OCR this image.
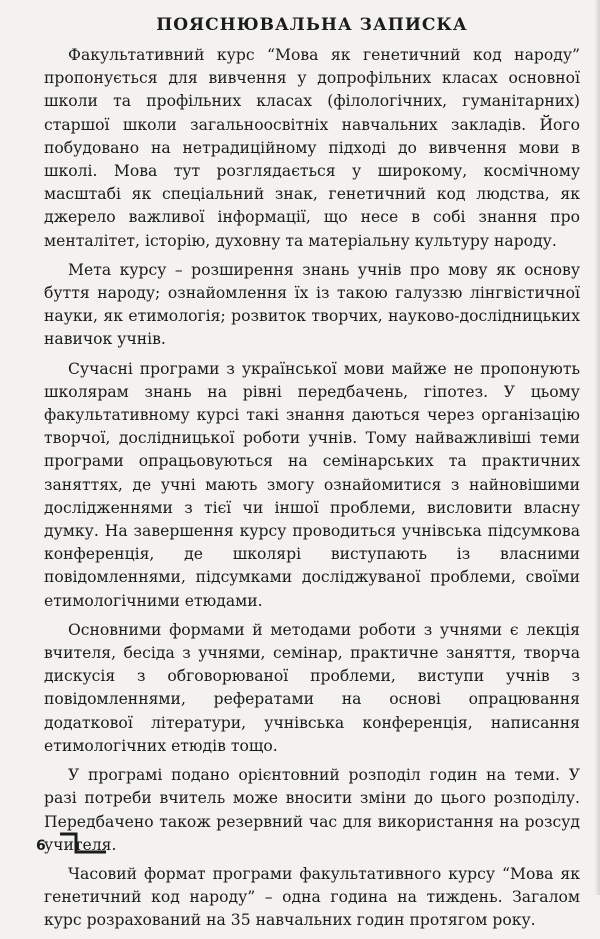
ПОЯСНЮВАЛЬНА ЗАПИСКА

Факультативний курс “Мова як генетичний код народу” пропонується для вивчення у допрофільних класах основної школи та профільних класах (філологічних, гуманітарних) старшої школи загальноосвітніх навчальних закладів. Його побудовано на нетрадиційному підході до вивчення мови в школі. Мова тут розглядається у широкому, космічному масштабі як спеціальний знак, генетичний код людства, як джерело важливої інформації, що несе в собі знання про менталітет, історію, духовну та матеріальну культуру народу.

Мета курсу – розширення знань учнів про мову як основу буття народу; ознайомлення їх із такою галуззю лінгвістичної науки, як етимологія; розвиток творчих, науково-дослідницьких навичок учнів.

Сучасні програми з української мови майже не пропонують школярам знань на рівні передбачень, гіпотез. У цьому факультативному курсі такі знання даються через організацію творчої, дослідницької роботи учнів. Тому найважливіші теми програми опрацьовуються на семінарських та практичних заняттях, де учні мають змогу ознайомитися з найновішими дослідженнями з тієї чи іншої проблеми, висловити власну думку. На завершення курсу проводиться учнівська підсумкова конференція, де школярі виступають із власними повідомленнями, підсумками досліджуваної проблеми, своїми етимологічними етюдами.

Основними формами й методами роботи з учнями є лекція вчителя, бесіда з учнями, семінар, практичне заняття, творча дискусія з обговорюваної проблеми, виступи учнів з повідомленнями, рефератами на основі опрацювання додаткової літератури, учнівська конференція, написання етимологічних етюдів тощо.

У програмі подано орієнтовний розподіл годин на теми. У разі потреби вчитель може вносити зміни до цього розподілу. Передбачено також резервний час для використання на розсуд учителя.

Часовий формат програми факультативного курсу “Мова як генетичний код народу” – одна година на тиждень. Загалом курс розрахований на 35 навчальних годин протягом року.

6
